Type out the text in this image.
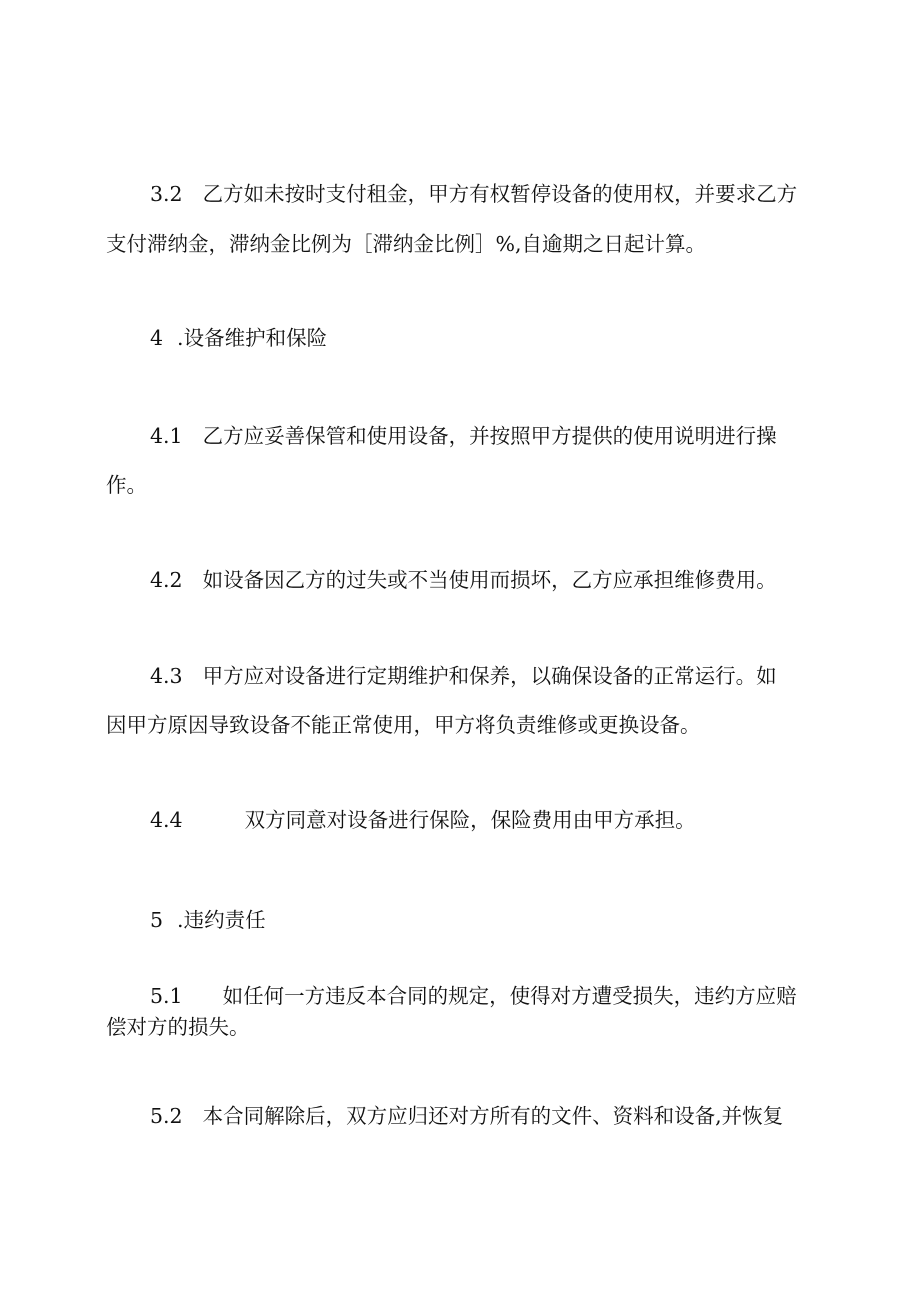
3.2 乙方如未按时支付租金，甲方有权暂停设备的使用权，并要求乙方
支付滞纳金，滞纳金比例为［滞纳金比例］%,自逾期之日起计算。
4 .设备维护和保险
4.1 乙方应妥善保管和使用设备，并按照甲方提供的使用说明进行操
作。
4.2 如设备因乙方的过失或不当使用而损坏，乙方应承担维修费用。
4.3 甲方应对设备进行定期维护和保养，以确保设备的正常运行。如
因甲方原因导致设备不能正常使用，甲方将负责维修或更换设备。
4.4	双方同意对设备进行保险，保险费用由甲方承担。
5 .违约责任
5.1 如任何一方违反本合同的规定，使得对方遭受损失，违约方应赔
偿对方的损失。
5.2 本合同解除后，双方应归还对方所有的文件、资料和设备,并恢复
